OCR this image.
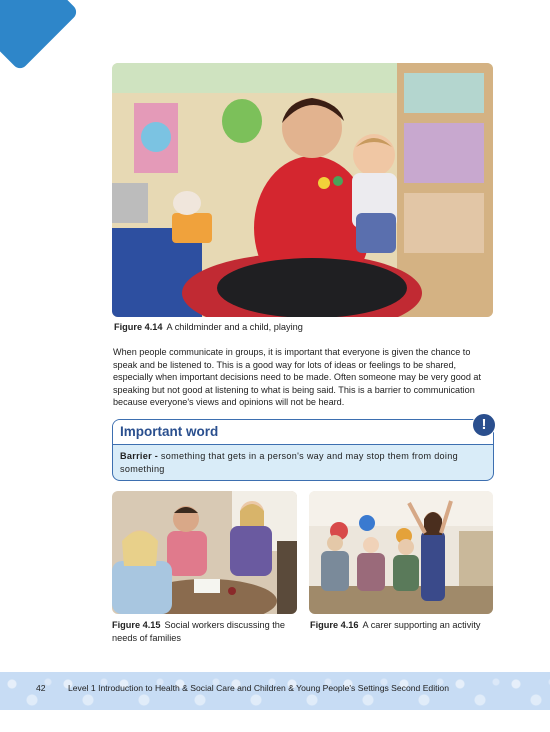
Figure 4.14 A childminder and a child, playing

When people communicate in groups, it is important that everyone is given the chance to speak and be listened to. This is a good way for lots of ideas or feelings to be shared, especially when important decisions need to be made. Often someone may be very good at speaking but not good at listening to what is being said. This is a barrier to communication because everyone's views and opinions will not be heard.

Important word
Barrier - something that gets in a person's way and may stop them from doing something
!
Figure 4.15 Social workers discussing the needs of families
Figure 4.16 A carer supporting an activity
42	Level 1 Introduction to Health & Social Care and Children & Young People's Settings Second Edition
